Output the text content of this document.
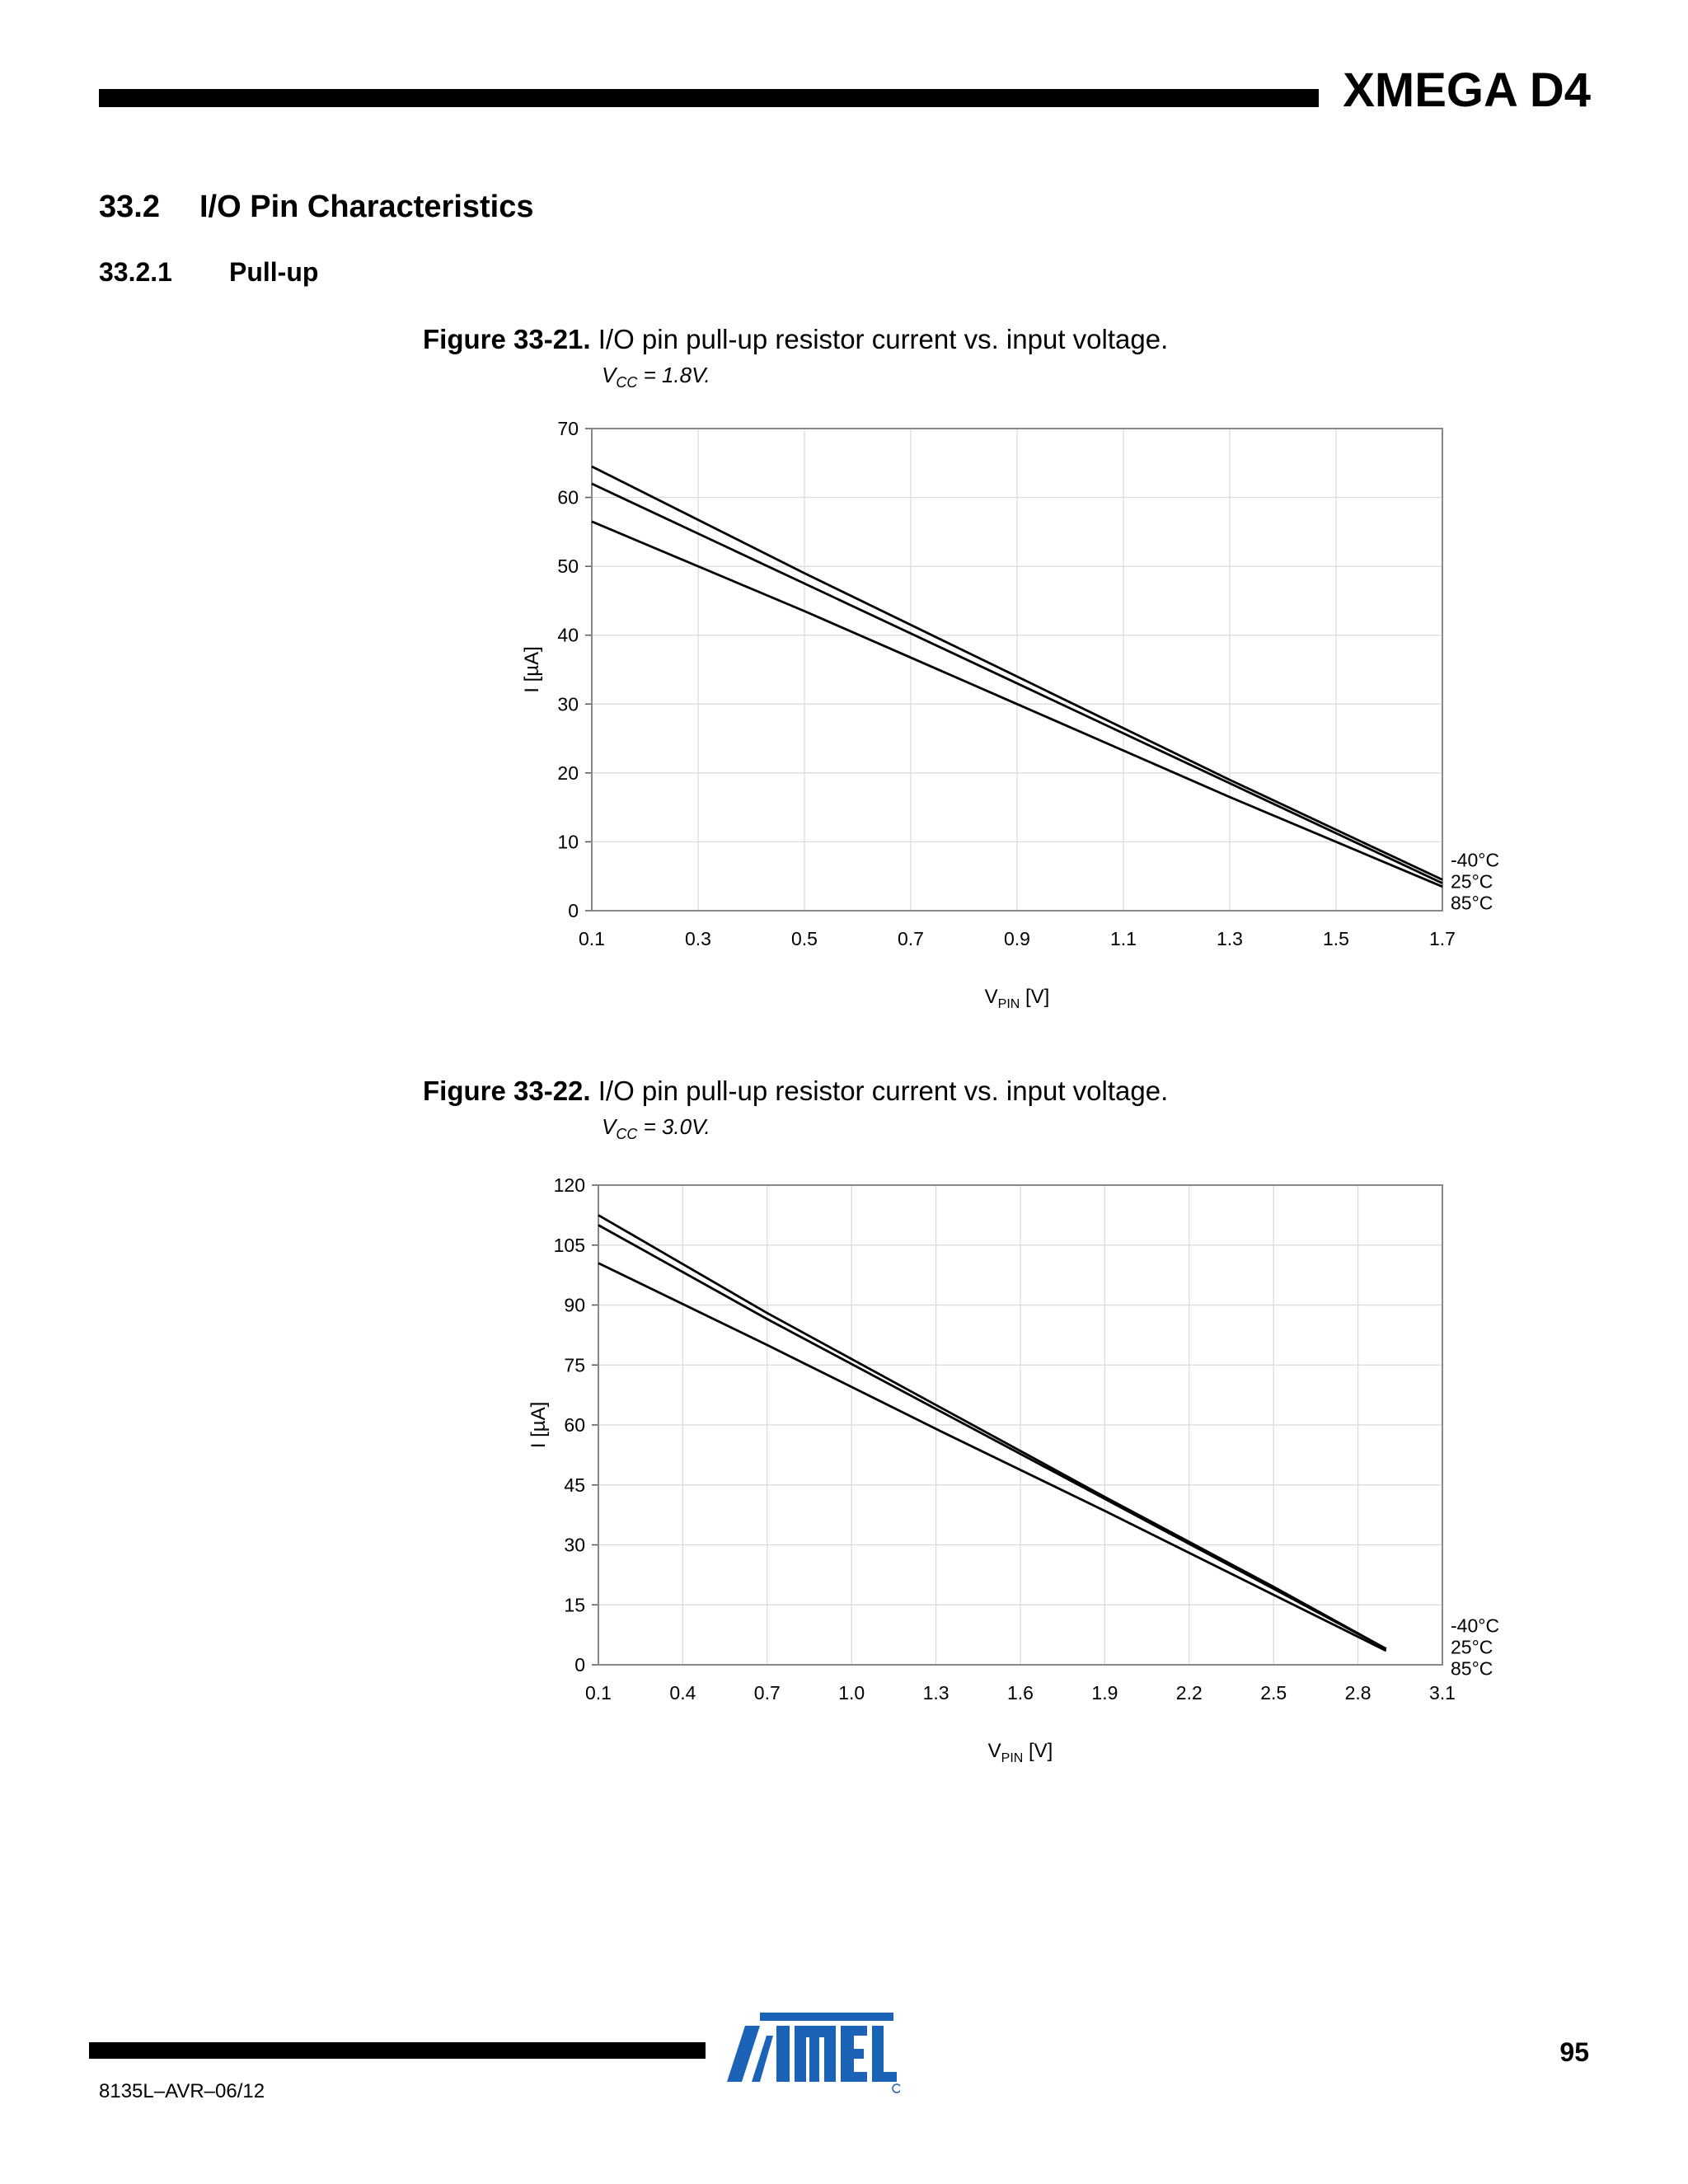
XMEGA D4
33.2 I/O Pin Characteristics
33.2.1 Pull-up
Figure 33-21. I/O pin pull-up resistor current vs. input voltage.
$V_{CC} = 1.8V$.
0.1	0.3	0.5	0.7	0.9	1.1	1.3	1.5	1.7
0
10
20
30
40
50
60
70
-40°C
25°C
85°C
I [µA]
$V_{PIN}$ [V]
Figure 33-22. I/O pin pull-up resistor current vs. input voltage.
$V_{CC} = 3.0V$.
0.1	0.4	0.7	1.0	1.3	1.6	1.9	2.2	2.5	2.8	3.1
0
15
30
45
60
75
90
105
120
-40°C
25°C
85°C
I [µA]
$V_{PIN}$ [V]
8135L–AVR–06/12
95
